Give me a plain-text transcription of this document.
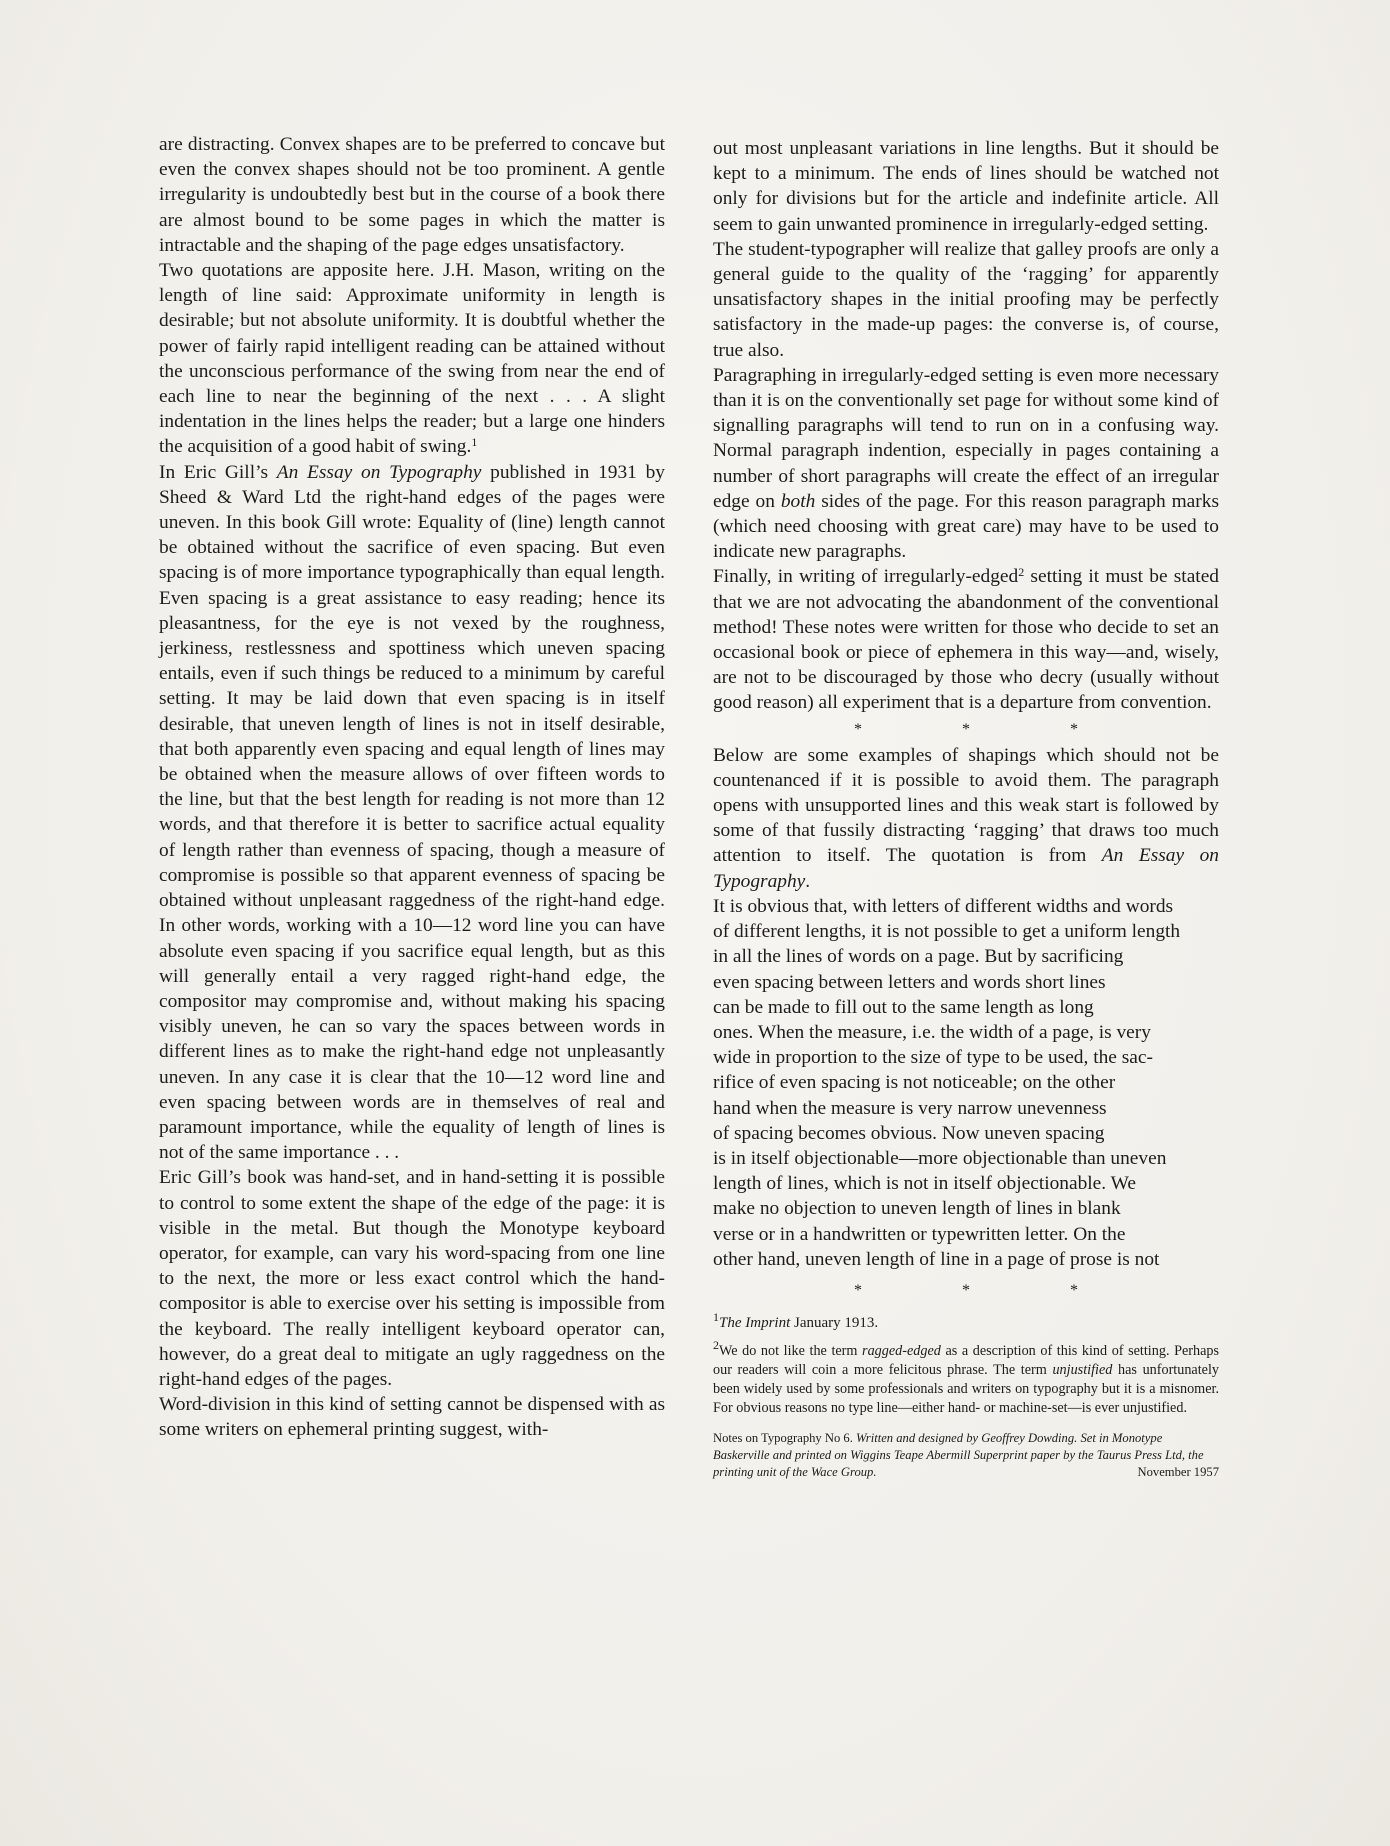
are distracting. Convex shapes are to be preferred to concave but even the convex shapes should not be too prominent. A gentle irregularity is undoubtedly best but in the course of a book there are almost bound to be some pages in which the matter is intractable and the shaping of the page edges unsatisfactory.

Two quotations are apposite here. J.H. Mason, writing on the length of line said: Approximate uniformity in length is desirable; but not absolute uniformity. It is doubtful whether the power of fairly rapid intelligent reading can be attained without the unconscious performance of the swing from near the end of each line to near the beginning of the next . . . A slight indentation in the lines helps the reader; but a large one hinders the acquisition of a good habit of swing.$^1$

In Eric Gill’s An Essay on Typography published in 1931 by Sheed & Ward Ltd the right-hand edges of the pages were uneven. In this book Gill wrote: Equality of (line) length cannot be obtained without the sacrifice of even spacing. But even spacing is of more importance typographically than equal length. Even spacing is a great assistance to easy reading; hence its pleasantness, for the eye is not vexed by the roughness, jerkiness, restlessness and spottiness which uneven spacing entails, even if such things be reduced to a minimum by careful setting. It may be laid down that even spacing is in itself desirable, that uneven length of lines is not in itself desirable, that both apparently even spacing and equal length of lines may be obtained when the measure allows of over fifteen words to the line, but that the best length for reading is not more than 12 words, and that therefore it is better to sacrifice actual equality of length rather than evenness of spacing, though a measure of compromise is possible so that apparent evenness of spacing be obtained without unpleasant raggedness of the right-hand edge. In other words, working with a 10—12 word line you can have absolute even spacing if you sacrifice equal length, but as this will generally entail a very ragged right-hand edge, the compositor may compromise and, without making his spacing visibly uneven, he can so vary the spaces between words in different lines as to make the right-hand edge not unpleasantly uneven. In any case it is clear that the 10—12 word line and even spacing between words are in themselves of real and paramount importance, while the equality of length of lines is not of the same importance . . .

Eric Gill’s book was hand-set, and in hand-setting it is possible to control to some extent the shape of the edge of the page: it is visible in the metal. But though the Monotype keyboard operator, for example, can vary his word-spacing from one line to the next, the more or less exact control which the hand-compositor is able to exercise over his setting is impossible from the keyboard. The really intelligent keyboard operator can, however, do a great deal to mitigate an ugly raggedness on the right-hand edges of the pages.

Word-division in this kind of setting cannot be dispensed with as some writers on ephemeral printing suggest, with-

out most unpleasant variations in line lengths. But it should be kept to a minimum. The ends of lines should be watched not only for divisions but for the article and indefinite article. All seem to gain unwanted prominence in irregularly-edged setting.

The student-typographer will realize that galley proofs are only a general guide to the quality of the ‘ragging’ for apparently unsatisfactory shapes in the initial proofing may be perfectly satisfactory in the made-up pages: the converse is, of course, true also.

Paragraphing in irregularly-edged setting is even more necessary than it is on the conventionally set page for without some kind of signalling paragraphs will tend to run on in a confusing way. Normal paragraph indention, especially in pages containing a number of short paragraphs will create the effect of an irregular edge on both sides of the page. For this reason paragraph marks (which need choosing with great care) may have to be used to indicate new paragraphs.

Finally, in writing of irregularly-edged$^2$ setting it must be stated that we are not advocating the abandonment of the conventional method! These notes were written for those who decide to set an occasional book or piece of ephemera in this way—and, wisely, are not to be discouraged by those who decry (usually without good reason) all experiment that is a departure from convention.

* * *

Below are some examples of shapings which should not be countenanced if it is possible to avoid them. The paragraph opens with unsupported lines and this weak start is followed by some of that fussily distracting ‘ragging’ that draws too much attention to itself. The quotation is from An Essay on Typography.

It is obvious that, with letters of different widths and words

of different lengths, it is not possible to get a uniform length

in all the lines of words on a page. But by sacrificing

even spacing between letters and words short lines

can be made to fill out to the same length as long

ones. When the measure, i.e. the width of a page, is very

wide in proportion to the size of type to be used, the sac-

rifice of even spacing is not noticeable; on the other

hand when the measure is very narrow unevenness

of spacing becomes obvious. Now uneven spacing

is in itself objectionable—more objectionable than uneven

length of lines, which is not in itself objectionable. We

make no objection to uneven length of lines in blank

verse or in a handwritten or typewritten letter. On the

other hand, uneven length of line in a page of prose is not

* * *

$^1$The Imprint January 1913.

$^2$We do not like the term ragged-edged as a description of this kind of setting. Perhaps our readers will coin a more felicitous phrase. The term unjustified has unfortunately been widely used by some professionals and writers on typography but it is a misnomer. For obvious reasons no type line—either hand- or machine-set—is ever unjustified.

Notes on Typography No 6. Written and designed by Geoffrey Dowding. Set in Monotype Baskerville and printed on Wiggins Teape Abermill Superprint paper by the Taurus Press Ltd, the printing unit of the Wace Group.	November 1957
